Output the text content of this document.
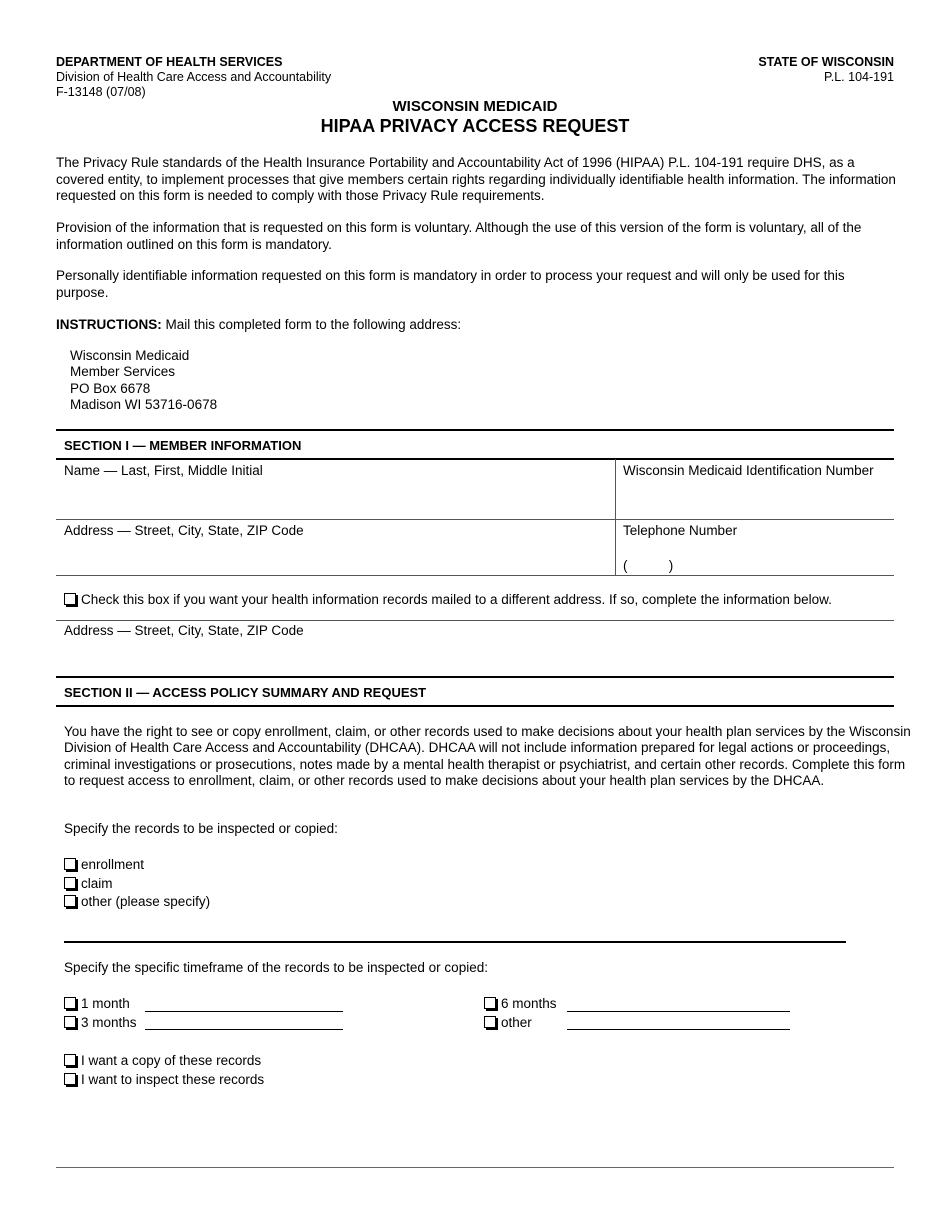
DEPARTMENT OF HEALTH SERVICES
Division of Health Care Access and Accountability
F-13148 (07/08)
STATE OF WISCONSIN
P.L. 104-191
WISCONSIN MEDICAID
HIPAA PRIVACY ACCESS REQUEST
The Privacy Rule standards of the Health Insurance Portability and Accountability Act of 1996 (HIPAA) P.L. 104-191 require DHS, as a covered entity, to implement processes that give members certain rights regarding individually identifiable health information. The information requested on this form is needed to comply with those Privacy Rule requirements.
Provision of the information that is requested on this form is voluntary. Although the use of this version of the form is voluntary, all of the information outlined on this form is mandatory.
Personally identifiable information requested on this form is mandatory in order to process your request and will only be used for this purpose.
INSTRUCTIONS: Mail this completed form to the following address:
Wisconsin Medicaid
Member Services
PO Box 6678
Madison WI 53716-0678
SECTION I — MEMBER INFORMATION
Name — Last, First, Middle Initial	Wisconsin Medicaid Identification Number
Address — Street, City, State, ZIP Code	Telephone Number
(           )
Check this box if you want your health information records mailed to a different address. If so, complete the information below.
Address — Street, City, State, ZIP Code
SECTION II — ACCESS POLICY SUMMARY AND REQUEST
You have the right to see or copy enrollment, claim, or other records used to make decisions about your health plan services by the Wisconsin Division of Health Care Access and Accountability (DHCAA). DHCAA will not include information prepared for legal actions or proceedings, criminal investigations or prosecutions, notes made by a mental health therapist or psychiatrist, and certain other records. Complete this form to request access to enrollment, claim, or other records used to make decisions about your health plan services by the DHCAA.
Specify the records to be inspected or copied:
enrollment
claim
other (please specify)
Specify the specific timeframe of the records to be inspected or copied:
1 month
3 months
6 months
other
I want a copy of these records
I want to inspect these records
